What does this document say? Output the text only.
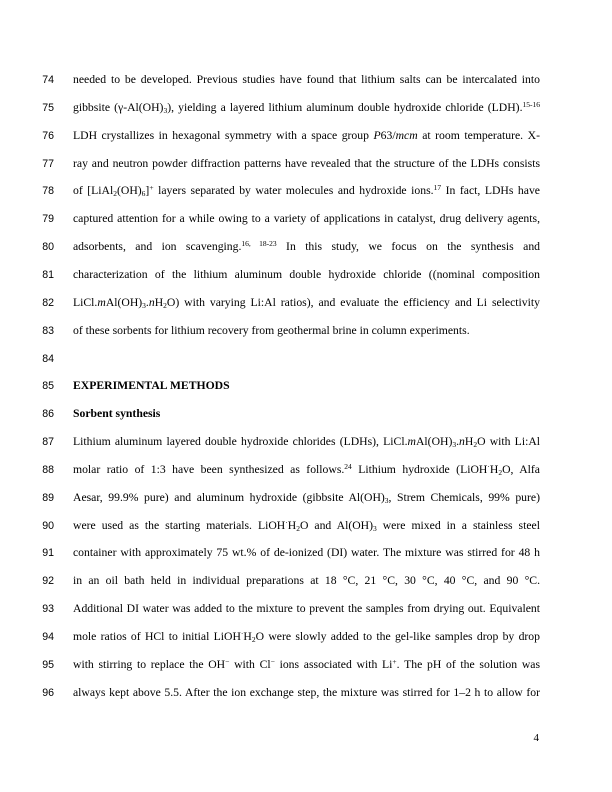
74 needed to be developed. Previous studies have found that lithium salts can be intercalated into
75 gibbsite $(\gamma-Al(OH)_3)$, yielding a layered lithium aluminum double hydroxide chloride (LDH).$^{15-16}$
76 LDH crystallizes in hexagonal symmetry with a space group P63/mcm at room temperature. X-
77 ray and neutron powder diffraction patterns have revealed that the structure of the LDHs consists
78 of $[LiAl_2(OH)_6]^+$ layers separated by water molecules and hydroxide ions.$^{17}$ In fact, LDHs have
79 captured attention for a while owing to a variety of applications in catalyst, drug delivery agents,
80 adsorbents, and ion scavenging.$^{16, 18-23}$ In this study, we focus on the synthesis and
81 characterization of the lithium aluminum double hydroxide chloride ((nominal composition
82 $LiCl.mAl(OH)_3.nH_2O$) with varying Li:Al ratios), and evaluate the efficiency and Li selectivity
83 of these sorbents for lithium recovery from geothermal brine in column experiments.
84
85 EXPERIMENTAL METHODS
86 Sorbent synthesis
87 Lithium aluminum layered double hydroxide chlorides (LDHs), $LiCl.mAl(OH)_3.nH_2O$ with Li:Al
88 molar ratio of 1:3 have been synthesized as follows.$^{24}$ Lithium hydroxide ($LiOH^\cdot H_2O$, Alfa
89 Aesar, 99.9% pure) and aluminum hydroxide (gibbsite $Al(OH)_3$, Strem Chemicals, 99% pure)
90 were used as the starting materials. $LiOH^\cdot H_2O$ and $Al(OH)_3$ were mixed in a stainless steel
91 container with approximately 75 wt.% of de-ionized (DI) water. The mixture was stirred for 48 h
92 in an oil bath held in individual preparations at 18 °C, 21 °C, 30 °C, 40 °C, and 90 °C.
93 Additional DI water was added to the mixture to prevent the samples from drying out. Equivalent
94 mole ratios of HCl to initial $LiOH^\cdot H_2O$ were slowly added to the gel-like samples drop by drop
95 with stirring to replace the OH− with Cl− ions associated with Li+. The pH of the solution was
96 always kept above 5.5. After the ion exchange step, the mixture was stirred for 1–2 h to allow for
4
